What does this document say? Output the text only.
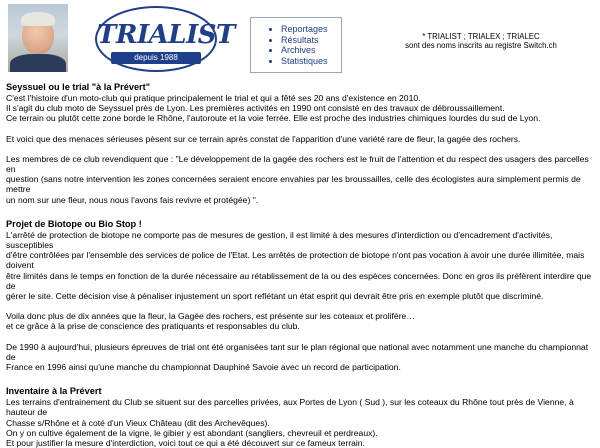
TRIALIST
depuis 1988
• Reportages
• Résultats
• Archives
• Statistiques
* TRIALIST ; TRIALEX ; TRIALEC
sont des noms inscrits au registre Switch.ch

Seyssuel ou le trial "à la Prévert"

C'est l'histoire d'un moto-club qui pratique principalement le trial et qui a fêté ses 20 ans d'existence en 2010.
Il s'agit du club moto de Seyssuel près de Lyon. Les premières activités en 1990 ont consisté en des travaux de débroussaillement.
Ce terrain ou plutôt cette zone borde le Rhône, l'autoroute et la voie ferrée. Elle est proche des industries chimiques lourdes du sud de Lyon.

Et voici que des menaces sérieuses pèsent sur ce terrain après constat de l'apparition d'une variété rare de fleur, la gagée des rochers.

Les membres de ce club revendiquent que : "Le développement de la gagée des rochers est le fruit de l'attention et du respect des usagers des parcelles en
question (sans notre intervention les zones concernées seraient encore envahies par les broussailles, celle des écologistes aura simplement permis de mettre
un nom sur une fleur, nous nous l'avons fais revivre et protégée) ".

Projet de Biotope ou Bio Stop !

L'arrêté de protection de biotope ne comporte pas de mesures de gestion, il est limité à des mesures d'interdiction ou d'encadrement d'activités, susceptibles
d'être contrôlées par l'ensemble des services de police de l'Etat. Les arrêtés de protection de biotope n'ont pas vocation à avoir une durée illimitée, mais doivent
être limités dans le temps en fonction de la durée nécessaire au rétablissement de la ou des espèces concernées. Donc en gros ils préfèrent interdire que de
gérer le site. Cette décision vise à pénaliser injustement un sport reflétant un état esprit qui devrait être pris en exemple plutôt que discriminé.

Voila donc plus de dix années que la fleur, la Gagée des rochers, est présente sur les coteaux et prolifère…
et ce grâce à la prise de conscience des pratiquants et responsables du club.

De 1990 à aujourd'hui, plusieurs épreuves de trial ont été organisées tant sur le plan régional que national avec notamment une manche du championnat de
France en 1996 ainsi qu'une manche du championnat Dauphiné Savoie avec un record de participation.

Inventaire à la Prévert

Les terrains d'entrainement du Club se situent sur des parcelles privées, aux Portes de Lyon ( Sud ), sur les coteaux du Rhône tout près de Vienne, à hauteur de
Chasse s/Rhône et à coté d'un Vieux Château (dit des Archevêques).

On y on cultive également de la vigne, le gibier y est abondant (sangliers, chevreuil et perdreaux).

Et pour justifier la mesure d'interdiction, voici tout ce qui a été découvert sur ce fameux terrain.
